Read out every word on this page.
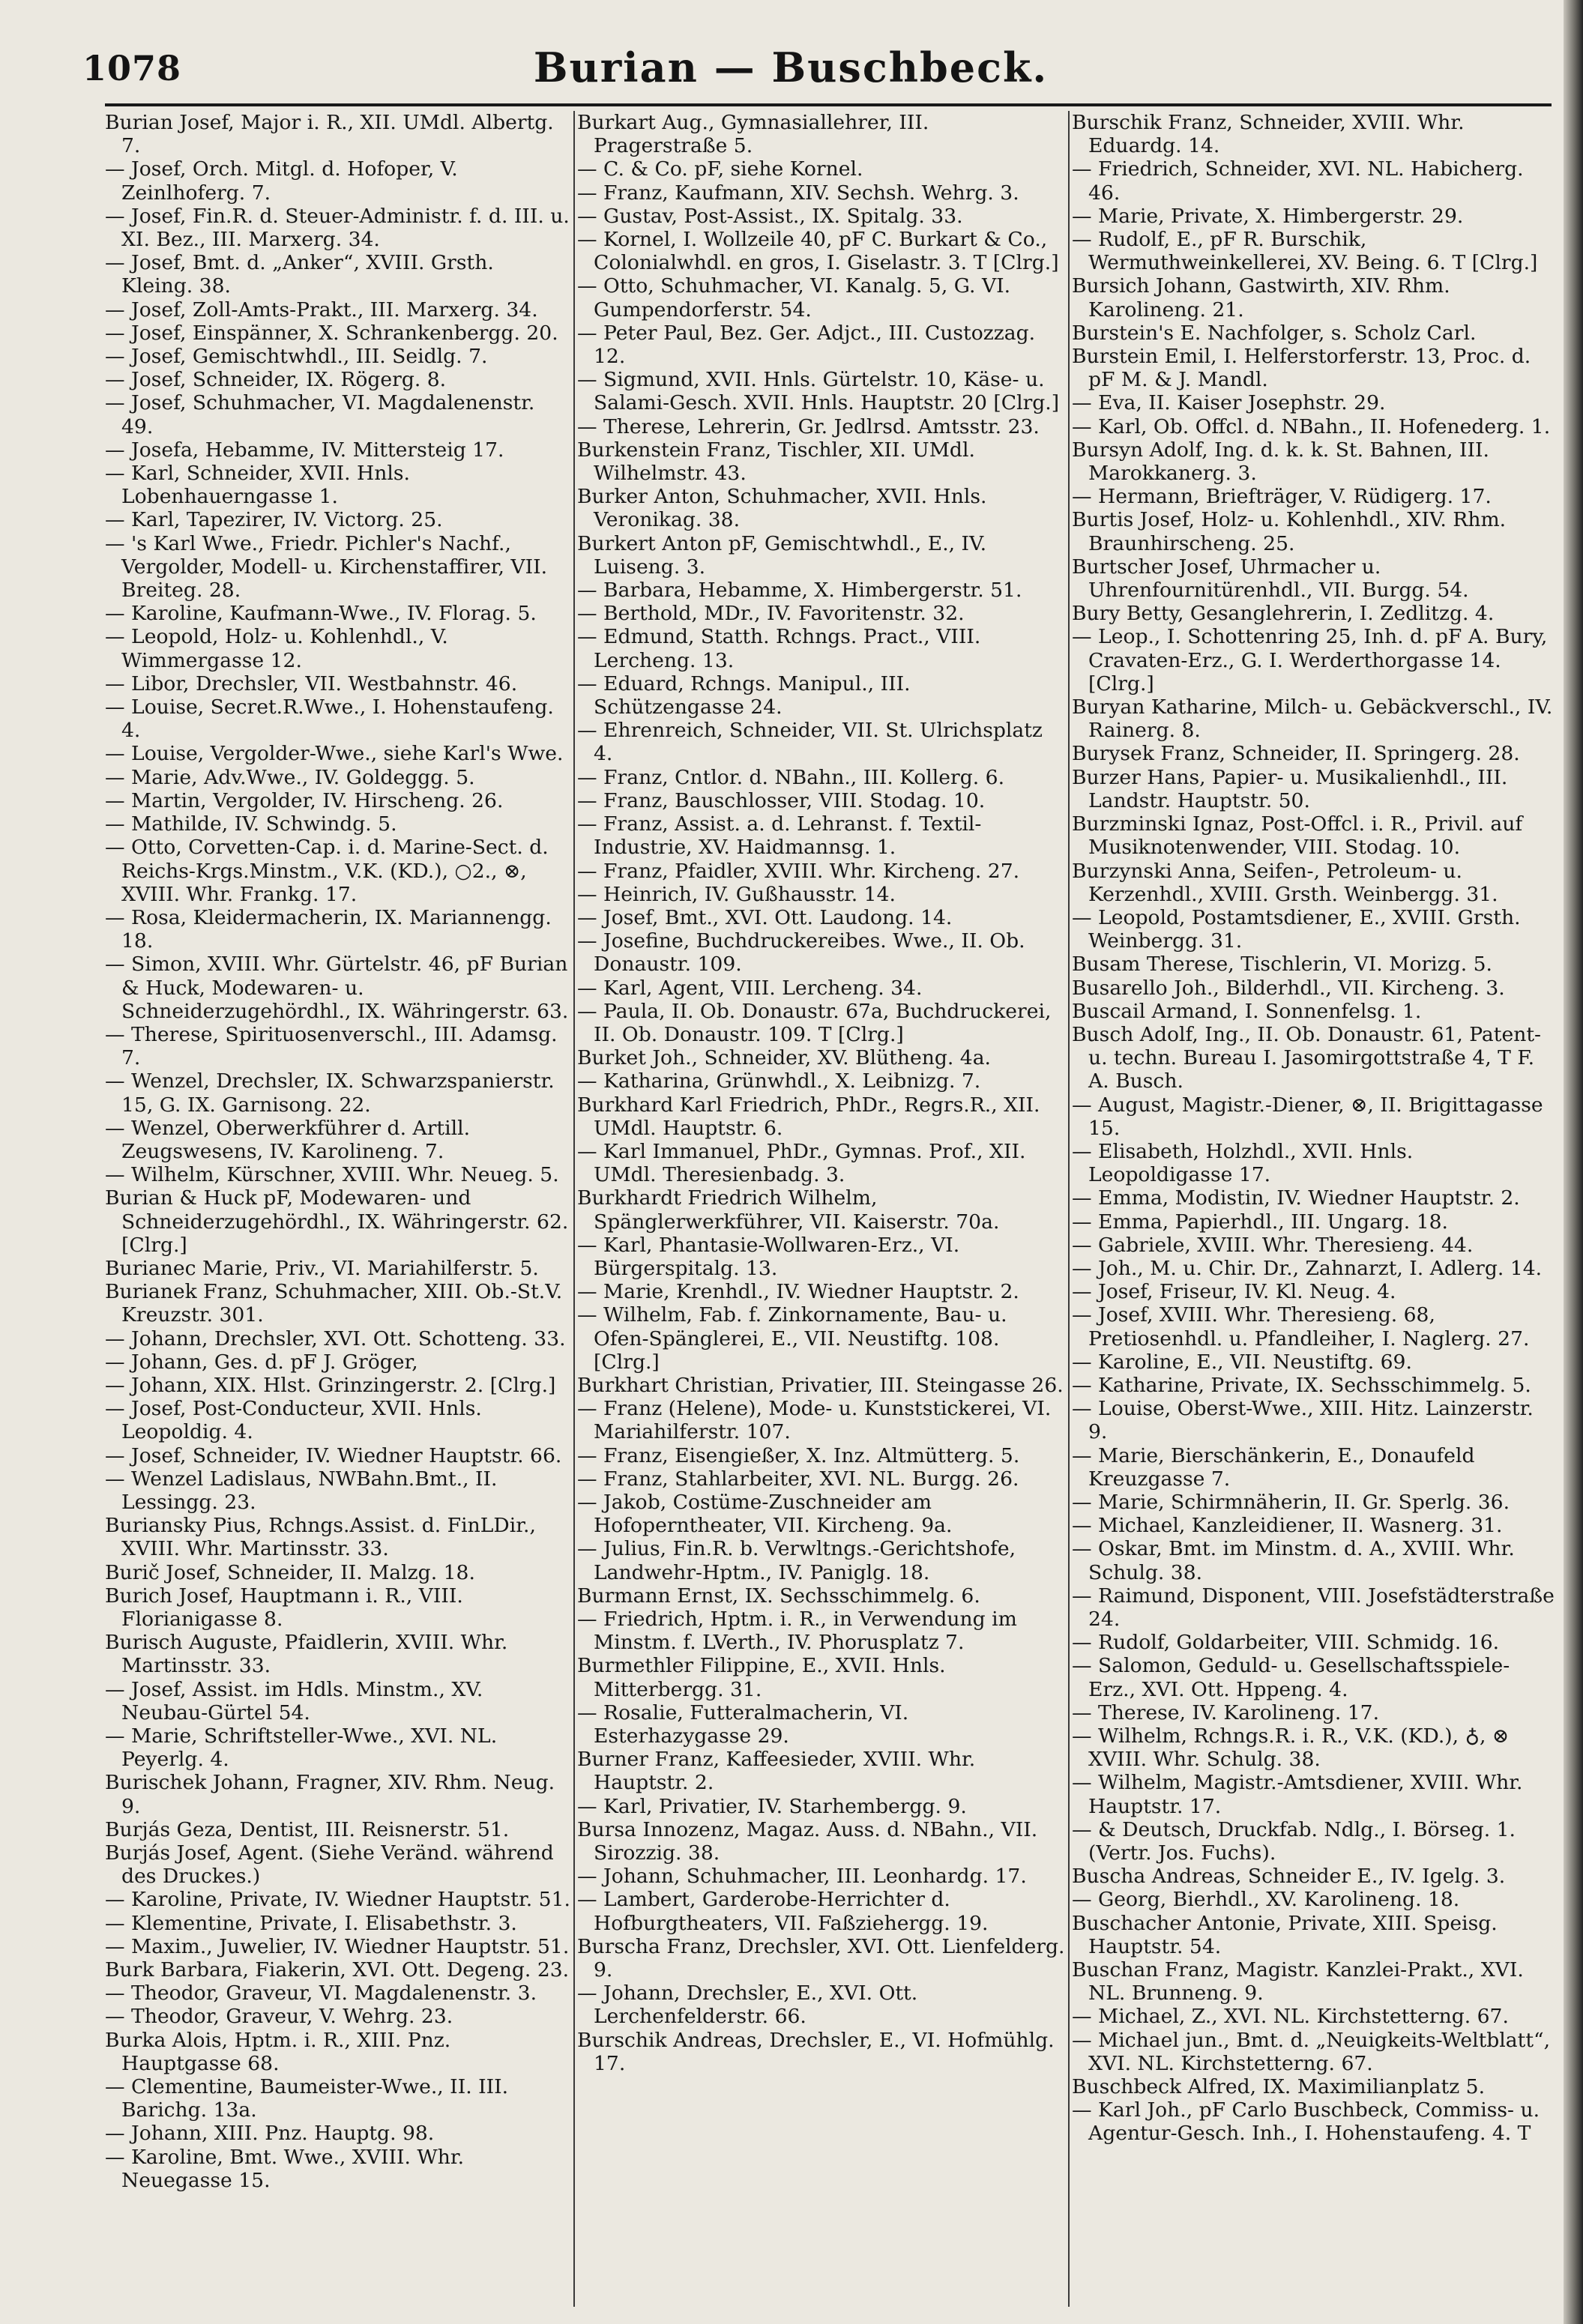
1078	Burian — Buschbeck.
Burian Josef, Major i. R., XII. UMdl. Albertg. 7.
— Josef, Orch. Mitgl. d. Hofoper, V. Zeinlhoferg. 7.
— Josef, Fin.R. d. Steuer-Administr. f. d. III. u. XI. Bez., III. Marxerg. 34.
— Josef, Bmt. d. „Anker“, XVIII. Grsth. Kleing. 38.
— Josef, Zoll-Amts-Prakt., III. Marxerg. 34.
— Josef, Einspänner, X. Schrankenbergg. 20.
— Josef, Gemischtwhdl., III. Seidlg. 7.
— Josef, Schneider, IX. Rögerg. 8.
— Josef, Schuhmacher, VI. Magdalenenstr. 49.
— Josefa, Hebamme, IV. Mittersteig 17.
— Karl, Schneider, XVII. Hnls. Lobenhauerngasse 1.
— Karl, Tapezirer, IV. Victorg. 25.
— 's Karl Wwe., Friedr. Pichler's Nachf., Vergolder, Modell- u. Kirchenstaffirer, VII. Breiteg. 28.
— Karoline, Kaufmann-Wwe., IV. Florag. 5.
— Leopold, Holz- u. Kohlenhdl., V. Wimmergasse 12.
— Libor, Drechsler, VII. Westbahnstr. 46.
— Louise, Secret.R.Wwe., I. Hohenstaufeng. 4.
— Louise, Vergolder-Wwe., siehe Karl's Wwe.
— Marie, Adv.Wwe., IV. Goldeggg. 5.
— Martin, Vergolder, IV. Hirscheng. 26.
— Mathilde, IV. Schwindg. 5.
— Otto, Corvetten-Cap. i. d. Marine-Sect. d. Reichs-Krgs.Minstm., V.K. (KD.), ○2., ⊗, XVIII. Whr. Frankg. 17.
— Rosa, Kleidermacherin, IX. Mariannengg. 18.
— Simon, XVIII. Whr. Gürtelstr. 46, pF Burian & Huck, Modewaren- u. Schneiderzugehördhl., IX. Währingerstr. 63.
— Therese, Spirituosenverschl., III. Adamsg. 7.
— Wenzel, Drechsler, IX. Schwarzspanierstr. 15, G. IX. Garnisong. 22.
— Wenzel, Oberwerkführer d. Artill. Zeugswesens, IV. Karolineng. 7.
— Wilhelm, Kürschner, XVIII. Whr. Neueg. 5.
Burian & Huck pF, Modewaren- und Schneiderzugehördhl., IX. Währingerstr. 62. [Clrg.]
Burianec Marie, Priv., VI. Mariahilferstr. 5.
Burianek Franz, Schuhmacher, XIII. Ob.-St.V. Kreuzstr. 301.
— Johann, Drechsler, XVI. Ott. Schotteng. 33.
— Johann, Ges. d. pF J. Gröger,
— Johann, XIX. Hlst. Grinzingerstr. 2. [Clrg.]
— Josef, Post-Conducteur, XVII. Hnls. Leopoldig. 4.
— Josef, Schneider, IV. Wiedner Hauptstr. 66.
— Wenzel Ladislaus, NWBahn.Bmt., II. Lessingg. 23.
Buriansky Pius, Rchngs.Assist. d. FinLDir., XVIII. Whr. Martinsstr. 33.
Burič Josef, Schneider, II. Malzg. 18.
Burich Josef, Hauptmann i. R., VIII. Florianigasse 8.
Burisch Auguste, Pfaidlerin, XVIII. Whr. Martinsstr. 33.
— Josef, Assist. im Hdls. Minstm., XV. Neubau-Gürtel 54.
— Marie, Schriftsteller-Wwe., XVI. NL. Peyerlg. 4.
Burischek Johann, Fragner, XIV. Rhm. Neug. 9.
Burjás Geza, Dentist, III. Reisnerstr. 51.
Burjás Josef, Agent. (Siehe Veränd. während des Druckes.)
— Karoline, Private, IV. Wiedner Hauptstr. 51.
— Klementine, Private, I. Elisabethstr. 3.
— Maxim., Juwelier, IV. Wiedner Hauptstr. 51.
Burk Barbara, Fiakerin, XVI. Ott. Degeng. 23.
— Theodor, Graveur, VI. Magdalenenstr. 3.
— Theodor, Graveur, V. Wehrg. 23.
Burka Alois, Hptm. i. R., XIII. Pnz. Hauptgasse 68.
— Clementine, Baumeister-Wwe., II. III. Barichg. 13a.
— Johann, XIII. Pnz. Hauptg. 98.
— Karoline, Bmt. Wwe., XVIII. Whr. Neuegasse 15.
Burkart Aug., Gymnasiallehrer, III. Pragerstraße 5.
— C. & Co. pF, siehe Kornel.
— Franz, Kaufmann, XIV. Sechsh. Wehrg. 3.
— Gustav, Post-Assist., IX. Spitalg. 33.
— Kornel, I. Wollzeile 40, pF C. Burkart & Co., Colonialwhdl. en gros, I. Giselastr. 3. T [Clrg.]
— Otto, Schuhmacher, VI. Kanalg. 5, G. VI. Gumpendorferstr. 54.
— Peter Paul, Bez. Ger. Adjct., III. Custozzag. 12.
— Sigmund, XVII. Hnls. Gürtelstr. 10, Käse- u. Salami-Gesch. XVII. Hnls. Hauptstr. 20 [Clrg.]
— Therese, Lehrerin, Gr. Jedlrsd. Amtsstr. 23.
Burkenstein Franz, Tischler, XII. UMdl. Wilhelmstr. 43.
Burker Anton, Schuhmacher, XVII. Hnls. Veronikag. 38.
Burkert Anton pF, Gemischtwhdl., E., IV. Luiseng. 3.
— Barbara, Hebamme, X. Himbergerstr. 51.
— Berthold, MDr., IV. Favoritenstr. 32.
— Edmund, Statth. Rchngs. Pract., VIII. Lercheng. 13.
— Eduard, Rchngs. Manipul., III. Schützengasse 24.
— Ehrenreich, Schneider, VII. St. Ulrichsplatz 4.
— Franz, Cntlor. d. NBahn., III. Kollerg. 6.
— Franz, Bauschlosser, VIII. Stodag. 10.
— Franz, Assist. a. d. Lehranst. f. Textil-Industrie, XV. Haidmannsg. 1.
— Franz, Pfaidler, XVIII. Whr. Kircheng. 27.
— Heinrich, IV. Gußhausstr. 14.
— Josef, Bmt., XVI. Ott. Laudong. 14.
— Josefine, Buchdruckereibes. Wwe., II. Ob. Donaustr. 109.
— Karl, Agent, VIII. Lercheng. 34.
— Paula, II. Ob. Donaustr. 67a, Buchdruckerei, II. Ob. Donaustr. 109. T [Clrg.]
Burket Joh., Schneider, XV. Blütheng. 4a.
— Katharina, Grünwhdl., X. Leibnizg. 7.
Burkhard Karl Friedrich, PhDr., Regrs.R., XII. UMdl. Hauptstr. 6.
— Karl Immanuel, PhDr., Gymnas. Prof., XII. UMdl. Theresienbadg. 3.
Burkhardt Friedrich Wilhelm, Spänglerwerkführer, VII. Kaiserstr. 70a.
— Karl, Phantasie-Wollwaren-Erz., VI. Bürgerspitalg. 13.
— Marie, Krenhdl., IV. Wiedner Hauptstr. 2.
— Wilhelm, Fab. f. Zinkornamente, Bau- u. Ofen-Spänglerei, E., VII. Neustiftg. 108. [Clrg.]
Burkhart Christian, Privatier, III. Steingasse 26.
— Franz (Helene), Mode- u. Kunststickerei, VI. Mariahilferstr. 107.
— Franz, Eisengießer, X. Inz. Altmütterg. 5.
— Franz, Stahlarbeiter, XVI. NL. Burgg. 26.
— Jakob, Costüme-Zuschneider am Hofoperntheater, VII. Kircheng. 9a.
— Julius, Fin.R. b. Verwltngs.-Gerichtshofe, Landwehr-Hptm., IV. Paniglg. 18.
Burmann Ernst, IX. Sechsschimmelg. 6.
— Friedrich, Hptm. i. R., in Verwendung im Minstm. f. LVerth., IV. Phorusplatz 7.
Burmethler Filippine, E., XVII. Hnls. Mitterbergg. 31.
— Rosalie, Futteralmacherin, VI. Esterhazygasse 29.
Burner Franz, Kaffeesieder, XVIII. Whr. Hauptstr. 2.
— Karl, Privatier, IV. Starhembergg. 9.
Bursa Innozenz, Magaz. Auss. d. NBahn., VII. Sirozzig. 38.
— Johann, Schuhmacher, III. Leonhardg. 17.
— Lambert, Garderobe-Herrichter d. Hofburgtheaters, VII. Faßziehergg. 19.
Burscha Franz, Drechsler, XVI. Ott. Lienfelderg. 9.
— Johann, Drechsler, E., XVI. Ott. Lerchenfelderstr. 66.
Burschik Andreas, Drechsler, E., VI. Hofmühlg. 17.
Burschik Franz, Schneider, XVIII. Whr. Eduardg. 14.
— Friedrich, Schneider, XVI. NL. Habicherg. 46.
— Marie, Private, X. Himbergerstr. 29.
— Rudolf, E., pF R. Burschik, Wermuthweinkellerei, XV. Being. 6. T [Clrg.]
Bursich Johann, Gastwirth, XIV. Rhm. Karolineng. 21.
Burstein's E. Nachfolger, s. Scholz Carl.
Burstein Emil, I. Helferstorferstr. 13, Proc. d. pF M. & J. Mandl.
— Eva, II. Kaiser Josephstr. 29.
— Karl, Ob. Offcl. d. NBahn., II. Hofenederg. 1.
Bursyn Adolf, Ing. d. k. k. St. Bahnen, III. Marokkanerg. 3.
— Hermann, Briefträger, V. Rüdigerg. 17.
Burtis Josef, Holz- u. Kohlenhdl., XIV. Rhm. Braunhirscheng. 25.
Burtscher Josef, Uhrmacher u. Uhrenfournitürenhdl., VII. Burgg. 54.
Bury Betty, Gesanglehrerin, I. Zedlitzg. 4.
— Leop., I. Schottenring 25, Inh. d. pF A. Bury, Cravaten-Erz., G. I. Werderthorgasse 14. [Clrg.]
Buryan Katharine, Milch- u. Gebäckverschl., IV. Rainerg. 8.
Burysek Franz, Schneider, II. Springerg. 28.
Burzer Hans, Papier- u. Musikalienhdl., III. Landstr. Hauptstr. 50.
Burzminski Ignaz, Post-Offcl. i. R., Privil. auf Musiknotenwender, VIII. Stodag. 10.
Burzynski Anna, Seifen-, Petroleum- u. Kerzenhdl., XVIII. Grsth. Weinbergg. 31.
— Leopold, Postamtsdiener, E., XVIII. Grsth. Weinbergg. 31.
Busam Therese, Tischlerin, VI. Morizg. 5.
Busarello Joh., Bilderhdl., VII. Kircheng. 3.
Buscail Armand, I. Sonnenfelsg. 1.
Busch Adolf, Ing., II. Ob. Donaustr. 61, Patent- u. techn. Bureau I. Jasomirgottstraße 4, T F. A. Busch.
— August, Magistr.-Diener, ⊗, II. Brigittagasse 15.
— Elisabeth, Holzhdl., XVII. Hnls. Leopoldigasse 17.
— Emma, Modistin, IV. Wiedner Hauptstr. 2.
— Emma, Papierhdl., III. Ungarg. 18.
— Gabriele, XVIII. Whr. Theresieng. 44.
— Joh., M. u. Chir. Dr., Zahnarzt, I. Adlerg. 14.
— Josef, Friseur, IV. Kl. Neug. 4.
— Josef, XVIII. Whr. Theresieng. 68, Pretiosenhdl. u. Pfandleiher, I. Naglerg. 27.
— Karoline, E., VII. Neustiftg. 69.
— Katharine, Private, IX. Sechsschimmelg. 5.
— Louise, Oberst-Wwe., XIII. Hitz. Lainzerstr. 9.
— Marie, Bierschänkerin, E., Donaufeld Kreuzgasse 7.
— Marie, Schirmnäherin, II. Gr. Sperlg. 36.
— Michael, Kanzleidiener, II. Wasnerg. 31.
— Oskar, Bmt. im Minstm. d. A., XVIII. Whr. Schulg. 38.
— Raimund, Disponent, VIII. Josefstädterstraße 24.
— Rudolf, Goldarbeiter, VIII. Schmidg. 16.
— Salomon, Geduld- u. Gesellschaftsspiele-Erz., XVI. Ott. Hppeng. 4.
— Therese, IV. Karolineng. 17.
— Wilhelm, Rchngs.R. i. R., V.K. (KD.), ♁, ⊗ XVIII. Whr. Schulg. 38.
— Wilhelm, Magistr.-Amtsdiener, XVIII. Whr. Hauptstr. 17.
— & Deutsch, Druckfab. Ndlg., I. Börseg. 1. (Vertr. Jos. Fuchs).
Buscha Andreas, Schneider E., IV. Igelg. 3.
— Georg, Bierhdl., XV. Karolineng. 18.
Buschacher Antonie, Private, XIII. Speisg. Hauptstr. 54.
Buschan Franz, Magistr. Kanzlei-Prakt., XVI. NL. Brunneng. 9.
— Michael, Z., XVI. NL. Kirchstetterng. 67.
— Michael jun., Bmt. d. „Neuigkeits-Weltblatt“, XVI. NL. Kirchstetterng. 67.
Buschbeck Alfred, IX. Maximilianplatz 5.
— Karl Joh., pF Carlo Buschbeck, Commiss- u. Agentur-Gesch. Inh., I. Hohenstaufeng. 4. T
